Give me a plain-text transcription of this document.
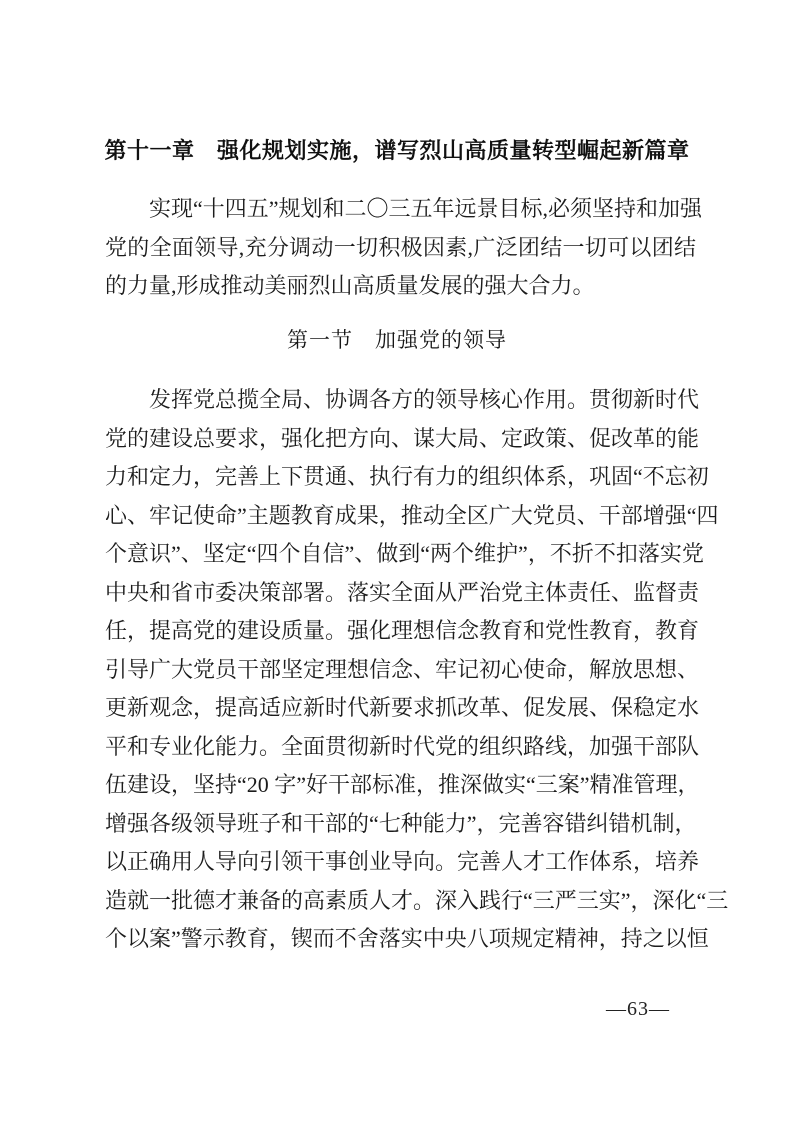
第十一章　强化规划实施，谱写烈山高质量转型崛起新篇章
实现“十四五”规划和二〇三五年远景目标,必须坚持和加强
党的全面领导,充分调动一切积极因素,广泛团结一切可以团结
的力量,形成推动美丽烈山高质量发展的强大合力。
第一节　加强党的领导
发挥党总揽全局、协调各方的领导核心作用。贯彻新时代
党的建设总要求，强化把方向、谋大局、定政策、促改革的能
力和定力，完善上下贯通、执行有力的组织体系，巩固“不忘初
心、牢记使命”主题教育成果，推动全区广大党员、干部增强“四
个意识”、坚定“四个自信”、做到“两个维护”，不折不扣落实党
中央和省市委决策部署。落实全面从严治党主体责任、监督责
任，提高党的建设质量。强化理想信念教育和党性教育，教育
引导广大党员干部坚定理想信念、牢记初心使命，解放思想、
更新观念，提高适应新时代新要求抓改革、促发展、保稳定水
平和专业化能力。全面贯彻新时代党的组织路线，加强干部队
伍建设，坚持“20 字”好干部标准，推深做实“三案”精准管理，
增强各级领导班子和干部的“七种能力”，完善容错纠错机制，
以正确用人导向引领干事创业导向。完善人才工作体系，培养
造就一批德才兼备的高素质人才。深入践行“三严三实”，深化“三
个以案”警示教育，锲而不舍落实中央八项规定精神，持之以恒
—63—
